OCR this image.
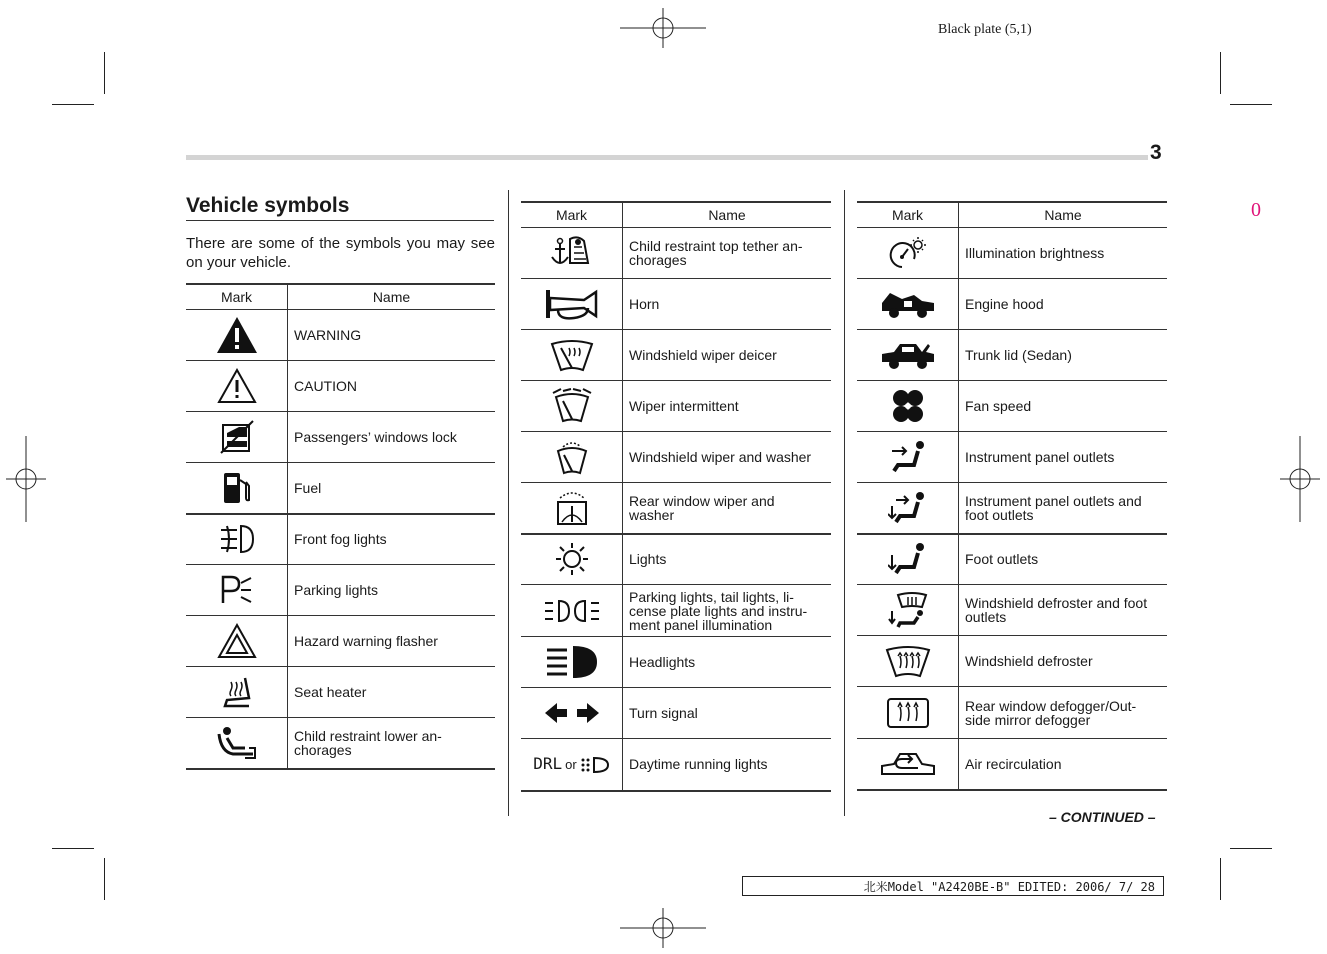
Black plate (5,1)
3
0
Vehicle symbols
There are some of the symbols you may see on your vehicle.
Mark	Name
	WARNING
	CAUTION
	Passengers’ windows lock
	Fuel
	Front fog lights
	Parking lights
	Hazard warning flasher
	Seat heater
	Child restraint lower an-
chorages
Mark	Name
	Child restraint top tether an-
chorages
	Horn
	Windshield wiper deicer
	Wiper intermittent
	Windshield wiper and washer
	Rear window wiper and
washer
	Lights
	Parking lights, tail lights, li-
cense plate lights and instru-
ment panel illumination
	Headlights
	Turn signal
DRL or	Daytime running lights
Mark	Name
	Illumination brightness
	Engine hood
	Trunk lid (Sedan)
	Fan speed
	Instrument panel outlets
	Instrument panel outlets and
foot outlets
	Foot outlets
	Windshield defroster and foot
outlets
	Windshield defroster
	Rear window defogger/Out-
side mirror defogger
	Air recirculation
– CONTINUED –
北米Model "A2420BE-B" EDITED: 2006/ 7/ 28
